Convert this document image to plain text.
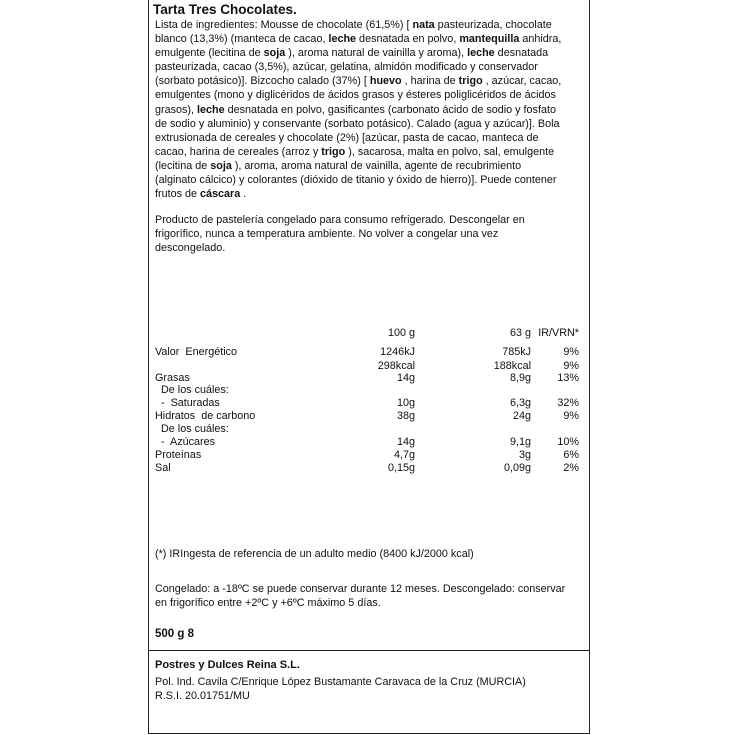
Tarta Tres Chocolates.
Lista de ingredientes: Mousse de chocolate (61,5%) [ nata pasteurizada, chocolate blanco (13,3%) (manteca de cacao, leche desnatada en polvo, mantequilla anhidra, emulgente (lecitina de soja ), aroma natural de vainilla y aroma), leche desnatada pasteurizada, cacao (3,5%), azúcar, gelatina, almidón modificado y conservador (sorbato potásico)]. Bizcocho calado (37%) [ huevo , harina de trigo , azúcar, cacao, emulgentes (mono y diglicéridos de ácidos grasos y ésteres poliglicéridos de ácidos grasos), leche desnatada en polvo, gasificantes (carbonato ácido de sodio y fosfato de sodio y aluminio) y conservante (sorbato potásico). Calado (agua y azúcar)]. Bola extrusionada de cereales y chocolate (2%) [azúcar, pasta de cacao, manteca de cacao, harina de cereales (arroz y trigo ), sacarosa, malta en polvo, sal, emulgente (lecitina de soja ), aroma, aroma natural de vainilla, agente de recubrimiento (alginato cálcico) y colorantes (dióxido de titanio y óxido de hierro)]. Puede contener frutos de cáscara .
Producto de pastelería congelado para consumo refrigerado. Descongelar en frigorífico, nunca a temperatura ambiente. No volver a congelar una vez descongelado.
100 g	63 g IR/VRN*
Valor  Energético	1246kJ	785kJ	9%
298kcal	188kcal	9%
Grasas	14g	8,9g	13%
De los cuáles:
-  Saturadas	10g	6,3g	32%
Hidratos  de carbono	38g	24g	9%
De los cuáles:
-  Azúcares	14g	9,1g	10%
Proteínas	4,7g	3g	6%
Sal	0,15g	0,09g	2%
(*) IRIngesta de referencia de un adulto medio (8400 kJ/2000 kcal)
Congelado: a -18ºC se puede conservar durante 12 meses. Descongelado: conservar en frigorífico entre +2ºC y +6ºC máximo 5 días.
500 g 8
Postres y Dulces Reina S.L.
Pol. Ind. Cavila C/Enrique López Bustamante Caravaca de la Cruz (MURCIA)
R.S.I. 20.01751/MU
